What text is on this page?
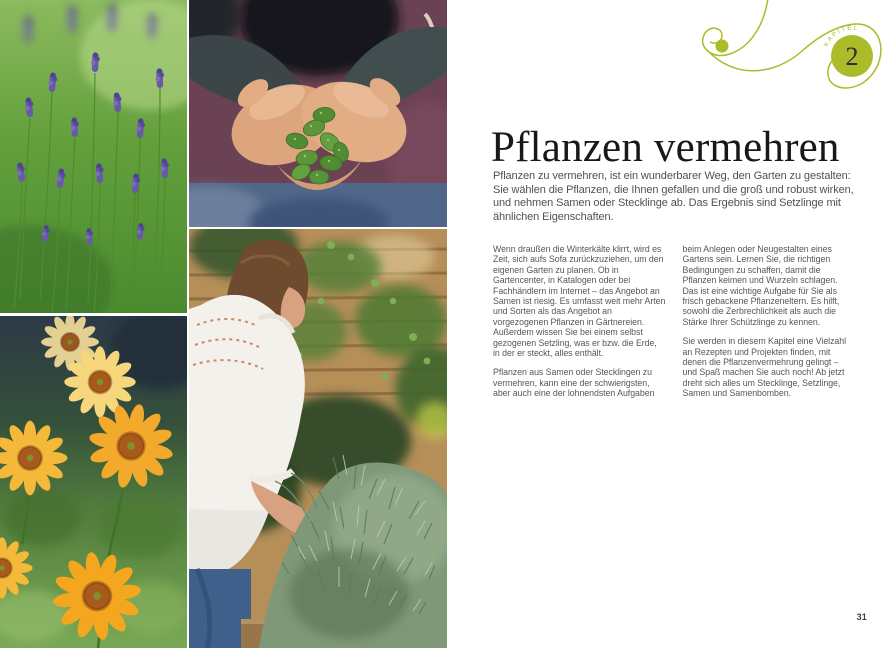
KAPITEL
2
Pflanzen vermehren

Pflanzen zu vermehren, ist ein wunderbarer Weg, den Garten zu gestalten: Sie wählen die Pflanzen, die Ihnen gefallen und die groß und robust wirken, und nehmen Samen oder Stecklinge ab. Das Ergebnis sind Setzlinge mit ähnlichen Eigenschaften.

Wenn draußen die Winterkälte klirrt, wird es Zeit, sich aufs Sofa zurückzuziehen, um den eigenen Garten zu planen. Ob in Gartencenter, in Katalogen oder bei Fachhändlern im Internet – das Angebot an Samen ist riesig. Es umfasst weit mehr Arten und Sorten als das Angebot an vorgezogenen Pflanzen in Gärtnereien. Außerdem wissen Sie bei einem selbst gezogenen Setzling, was er bzw. die Erde, in der er steckt, alles enthält.

Pflanzen aus Samen oder Stecklingen zu vermehren, kann eine der schwierigsten, aber auch eine der lohnendsten Aufgaben

beim Anlegen oder Neugestalten eines Gartens sein. Lernen Sie, die richtigen Bedingungen zu schaffen, damit die Pflanzen keimen und Wurzeln schlagen. Das ist eine wichtige Aufgabe für Sie als frisch gebackene Pflanzeneltern. Es hilft, sowohl die Zerbrechlichkeit als auch die Stärke Ihrer Schützlinge zu kennen.

Sie werden in diesem Kapitel eine Vielzahl an Rezepten und Projekten finden, mit denen die Pflanzenvermehrung gelingt – und Spaß machen Sie auch noch! Ab jetzt dreht sich alles um Stecklinge, Setzlinge, Samen und Samenbomben.

31
